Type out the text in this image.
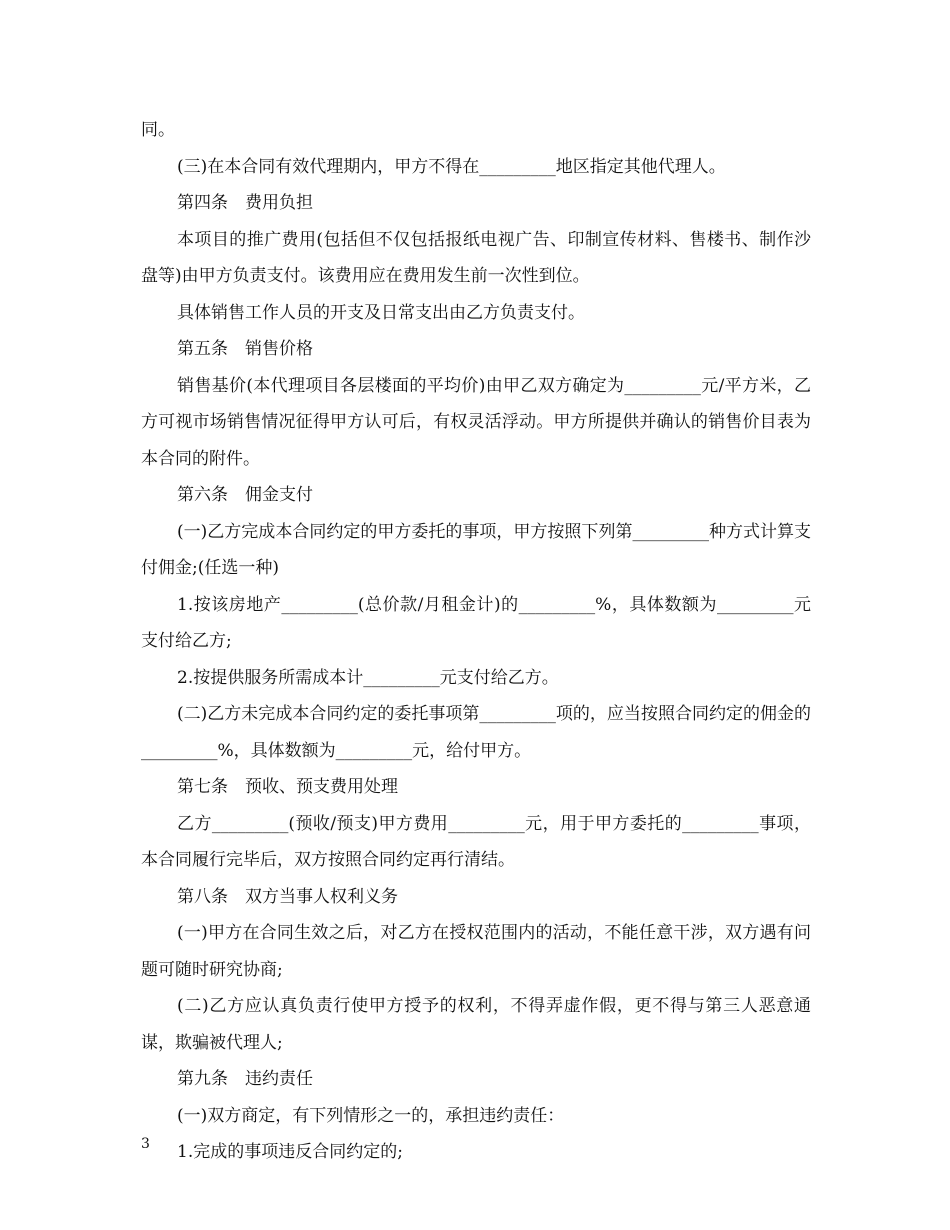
同。

(三)在本合同有效代理期内，甲方不得在_________地区指定其他代理人。

第四条　费用负担

本项目的推广费用(包括但不仅包括报纸电视广告、印制宣传材料、售楼书、制作沙盘等)由甲方负责支付。该费用应在费用发生前一次性到位。

具体销售工作人员的开支及日常支出由乙方负责支付。

第五条　销售价格

销售基价(本代理项目各层楼面的平均价)由甲乙双方确定为_________元/平方米，乙方可视市场销售情况征得甲方认可后，有权灵活浮动。甲方所提供并确认的销售价目表为本合同的附件。

第六条　佣金支付

(一)乙方完成本合同约定的甲方委托的事项，甲方按照下列第_________种方式计算支付佣金;(任选一种)

1.按该房地产_________(总价款/月租金计)的_________%，具体数额为_________元支付给乙方;

2.按提供服务所需成本计_________元支付给乙方。

(二)乙方未完成本合同约定的委托事项第_________项的，应当按照合同约定的佣金的_________%，具体数额为_________元，给付甲方。

第七条　预收、预支费用处理

乙方_________(预收/预支)甲方费用_________元，用于甲方委托的_________事项，本合同履行完毕后，双方按照合同约定再行清结。

第八条　双方当事人权利义务

(一)甲方在合同生效之后，对乙方在授权范围内的活动，不能任意干涉，双方遇有问题可随时研究协商;

(二)乙方应认真负责行使甲方授予的权利，不得弄虚作假，更不得与第三人恶意通谋，欺骗被代理人;

第九条　违约责任

(一)双方商定，有下列情形之一的，承担违约责任：

1.完成的事项违反合同约定的;

3
